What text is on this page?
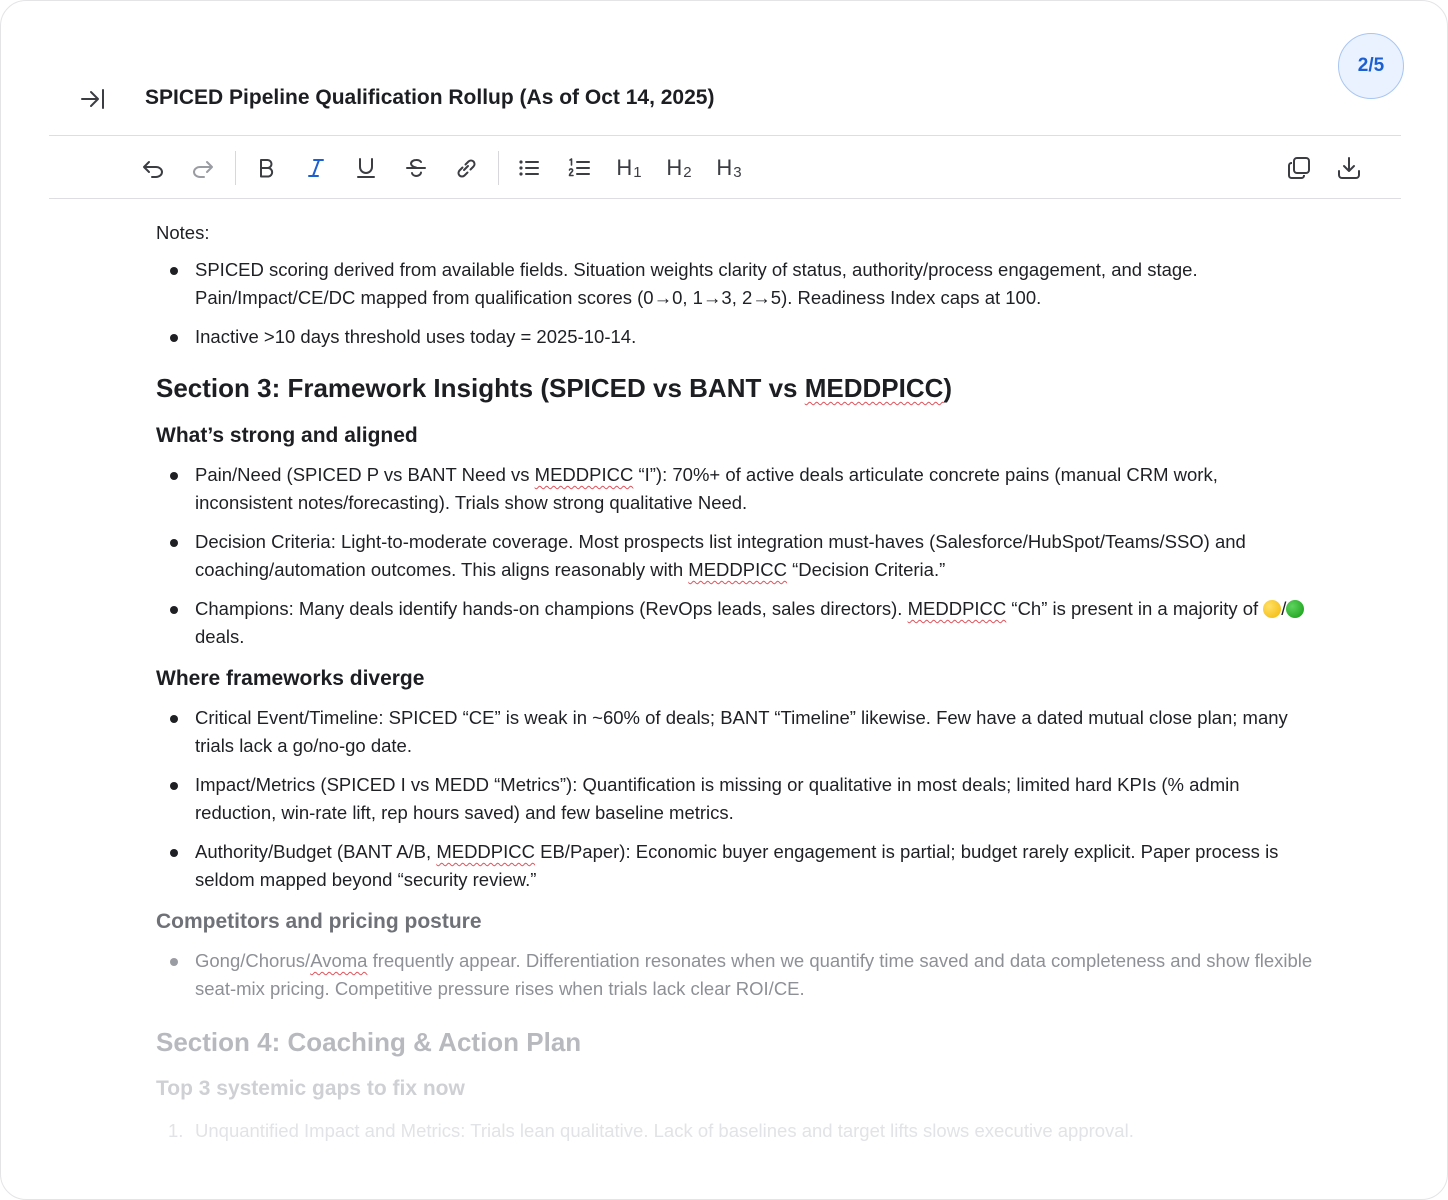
2/5
SPICED Pipeline Qualification Rollup (As of Oct 14, 2025)
$H_1$ $H_2$ $H_3$

Notes:

SPICED scoring derived from available fields. Situation weights clarity of status, authority/process engagement, and stage. Pain/Impact/CE/DC mapped from qualification scores (0→0, 1→3, 2→5). Readiness Index caps at 100.
Inactive >10 days threshold uses today = 2025-10-14.
Section 3: Framework Insights (SPICED vs BANT vs MEDDPICC)
What’s strong and aligned
Pain/Need (SPICED P vs BANT Need vs MEDDPICC “I”): 70%+ of active deals articulate concrete pains (manual CRM work, inconsistent notes/forecasting). Trials show strong qualitative Need.
Decision Criteria: Light-to-moderate coverage. Most prospects list integration must-haves (Salesforce/HubSpot/Teams/SSO) and coaching/automation outcomes. This aligns reasonably with MEDDPICC “Decision Criteria.”
Champions: Many deals identify hands-on champions (RevOps leads, sales directors). MEDDPICC “Ch” is present in a majority of / deals.
Where frameworks diverge
Critical Event/Timeline: SPICED “CE” is weak in ~60% of deals; BANT “Timeline” likewise. Few have a dated mutual close plan; many trials lack a go/no-go date.
Impact/Metrics (SPICED I vs MEDD “Metrics”): Quantification is missing or qualitative in most deals; limited hard KPIs (% admin reduction, win-rate lift, rep hours saved) and few baseline metrics.
Authority/Budget (BANT A/B, MEDDPICC EB/Paper): Economic buyer engagement is partial; budget rarely explicit. Paper process is seldom mapped beyond “security review.”
Competitors and pricing posture
Gong/Chorus/Avoma frequently appear. Differentiation resonates when we quantify time saved and data completeness and show flexible seat-mix pricing. Competitive pressure rises when trials lack clear ROI/CE.
Section 4: Coaching & Action Plan
Top 3 systemic gaps to fix now
1. Unquantified Impact and Metrics: Trials lean qualitative. Lack of baselines and target lifts slows executive approval.
